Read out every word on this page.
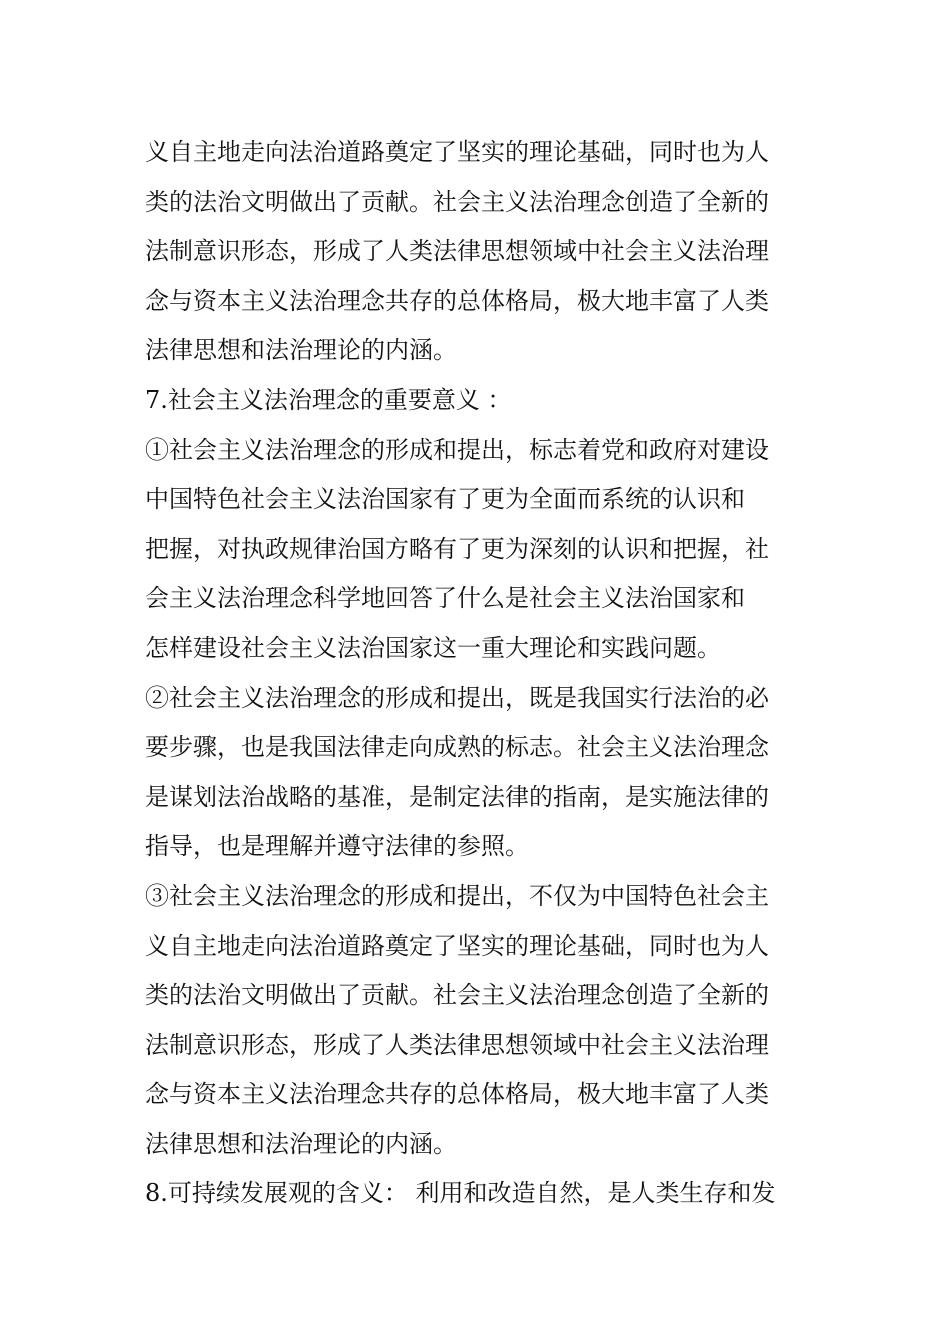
义自主地走向法治道路奠定了坚实的理论基础，同时也为人
类的法治文明做出了贡献。社会主义法治理念创造了全新的
法制意识形态，形成了人类法律思想领域中社会主义法治理
念与资本主义法治理念共存的总体格局，极大地丰富了人类
法律思想和法治理论的内涵。
7.社会主义法治理念的重要意义 ：
①社会主义法治理念的形成和提出，标志着党和政府对建设
中国特色社会主义法治国家有了更为全面而系统的认识和
把握，对执政规律治国方略有了更为深刻的认识和把握，社
会主义法治理念科学地回答了什么是社会主义法治国家和
怎样建设社会主义法治国家这一重大理论和实践问题。
②社会主义法治理念的形成和提出，既是我国实行法治的必
要步骤，也是我国法律走向成熟的标志。社会主义法治理念
是谋划法治战略的基准，是制定法律的指南，是实施法律的
指导，也是理解并遵守法律的参照。
③社会主义法治理念的形成和提出，不仅为中国特色社会主
义自主地走向法治道路奠定了坚实的理论基础，同时也为人
类的法治文明做出了贡献。社会主义法治理念创造了全新的
法制意识形态，形成了人类法律思想领域中社会主义法治理
念与资本主义法治理念共存的总体格局，极大地丰富了人类
法律思想和法治理论的内涵。
8.可持续发展观的含义： 利用和改造自然，是人类生存和发
